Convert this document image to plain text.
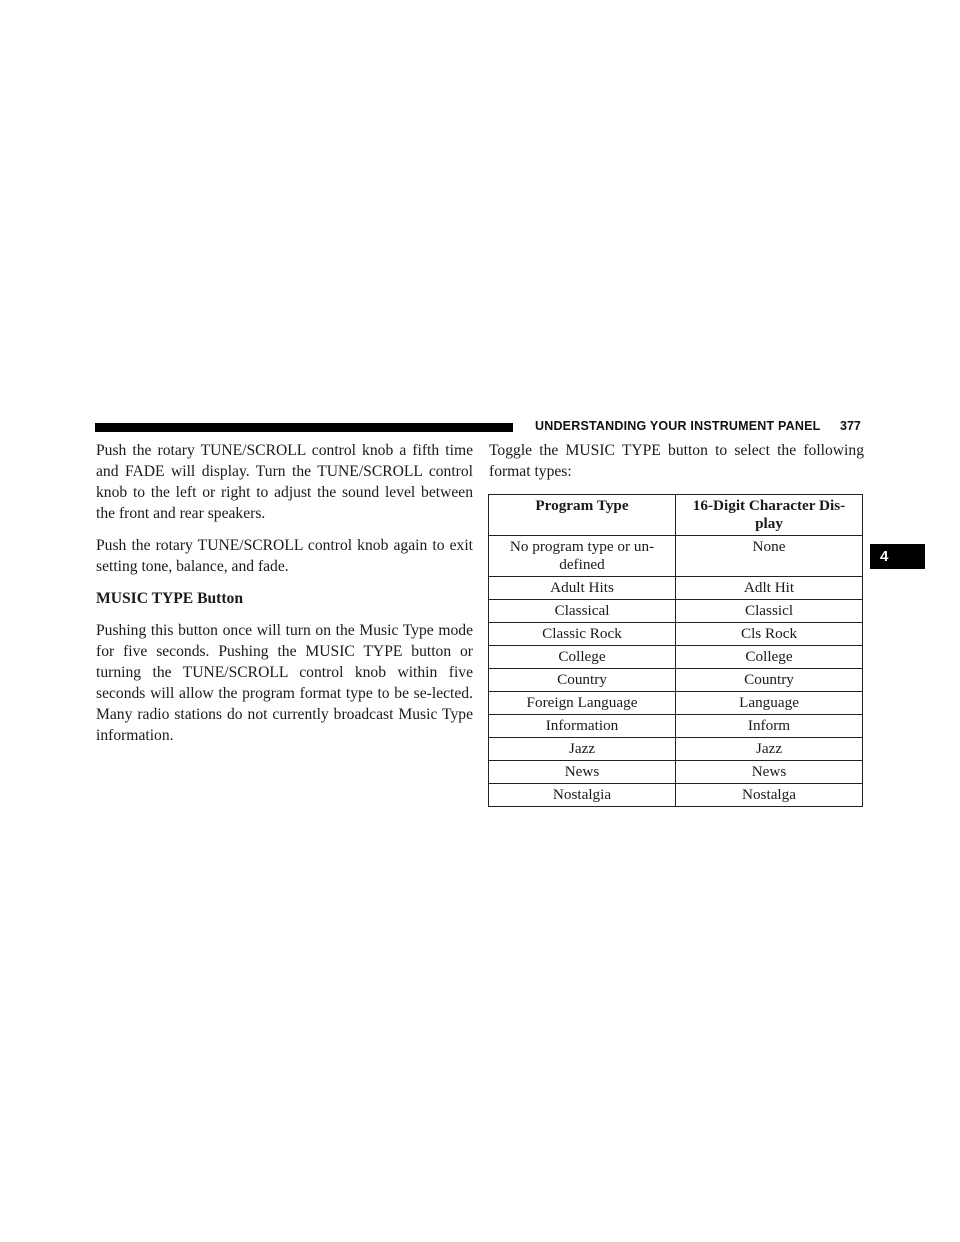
UNDERSTANDING YOUR INSTRUMENT PANEL 377
4

Push the rotary TUNE/SCROLL control knob a fifth time and FADE will display. Turn the TUNE/SCROLL control knob to the left or right to adjust the sound level between the front and rear speakers.

Push the rotary TUNE/SCROLL control knob again to exit setting tone, balance, and fade.

MUSIC TYPE Button

Pushing this button once will turn on the Music Type mode for five seconds. Pushing the MUSIC TYPE button or turning the TUNE/SCROLL control knob within five seconds will allow the program format type to be se-lected. Many radio stations do not currently broadcast Music Type information.

Toggle the MUSIC TYPE button to select the following format types:

Program Type	16-Digit Character Dis-play
No program type or un-defined	None
Adult Hits	Adlt Hit
Classical	Classicl
Classic Rock	Cls Rock
College	College
Country	Country
Foreign Language	Language
Information	Inform
Jazz	Jazz
News	News
Nostalgia	Nostalga
